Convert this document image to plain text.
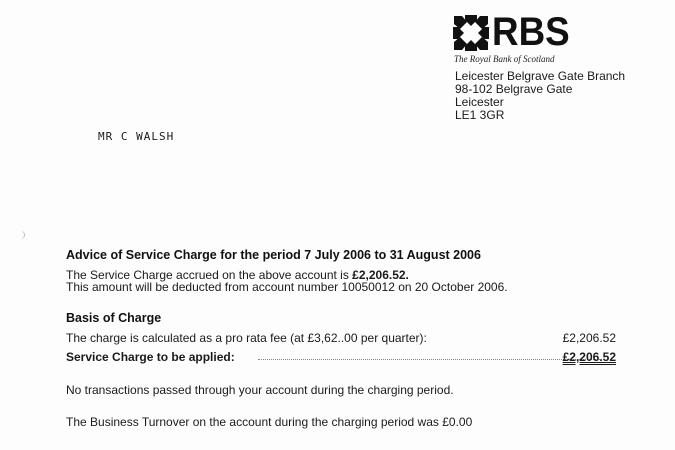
RBS
The Royal Bank of Scotland
Leicester Belgrave Gate Branch
98-102 Belgrave Gate
Leicester
LE1 3GR
MR C WALSH
Advice of Service Charge for the period 7 July 2006 to 31 August 2006
The Service Charge accrued on the above account is £2,206.52.
This amount will be deducted from account number 10050012 on 20 October 2006.
Basis of Charge
The charge is calculated as a pro rata fee (at £3,62..00 per quarter):	£2,206.52
Service Charge to be applied:	£2,206.52
No transactions passed through your account during the charging period.
The Business Turnover on the account during the charging period was £0.00
